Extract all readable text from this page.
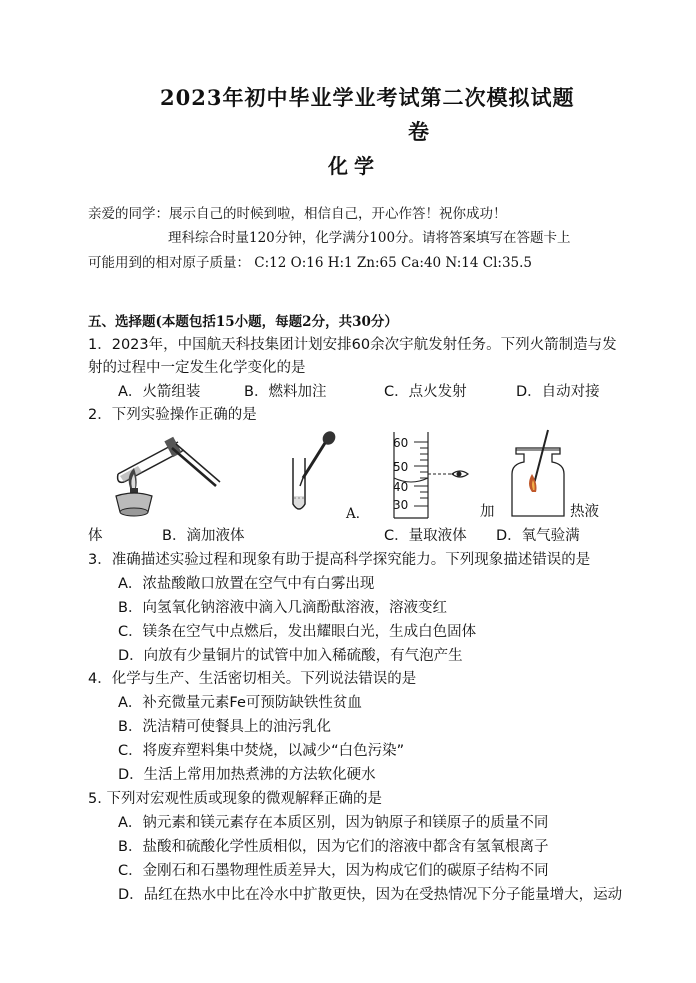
2023年初中毕业学业考试第二次模拟试题
卷
化学
亲爱的同学：展示自己的时候到啦，相信自己，开心作答！祝你成功！
理科综合时量120分钟，化学满分100分。请将答案填写在答题卡上
可能用到的相对原子质量： C:12 O:16 H:1 Zn:65 Ca:40 N:14 Cl:35.5
五、选择题(本题包括15小题，每题2分，共30分）
1．2023年，中国航天科技集团计划安排60余次宇航发射任务。下列火箭制造与发
射的过程中一定发生化学变化的是
A．火箭组装	B．燃料加注	C．点火发射	D．自动对接
2．下列实验操作正确的是
A．
60
50
40
30	加	热液
体	B．滴加液体	C．量取液体 D．氧气验满
3．准确描述实验过程和现象有助于提高科学探究能力。下列现象描述错误的是
A．浓盐酸敞口放置在空气中有白雾出现
B．向氢氧化钠溶液中滴入几滴酚酞溶液，溶液变红
C．镁条在空气中点燃后，发出耀眼白光，生成白色固体
D．向放有少量铜片的试管中加入稀硫酸，有气泡产生
4．化学与生产、生活密切相关。下列说法错误的是
A．补充微量元素Fe可预防缺铁性贫血
B．洗洁精可使餐具上的油污乳化
C．将废弃塑料集中焚烧，以减少“白色污染”
D．生活上常用加热煮沸的方法软化硬水
5. 下列对宏观性质或现象的微观解释正确的是
A．钠元素和镁元素存在本质区别，因为钠原子和镁原子的质量不同
B．盐酸和硫酸化学性质相似，因为它们的溶液中都含有氢氧根离子
C．金刚石和石墨物理性质差异大，因为构成它们的碳原子结构不同
D．品红在热水中比在冷水中扩散更快，因为在受热情况下分子能量增大，运动
